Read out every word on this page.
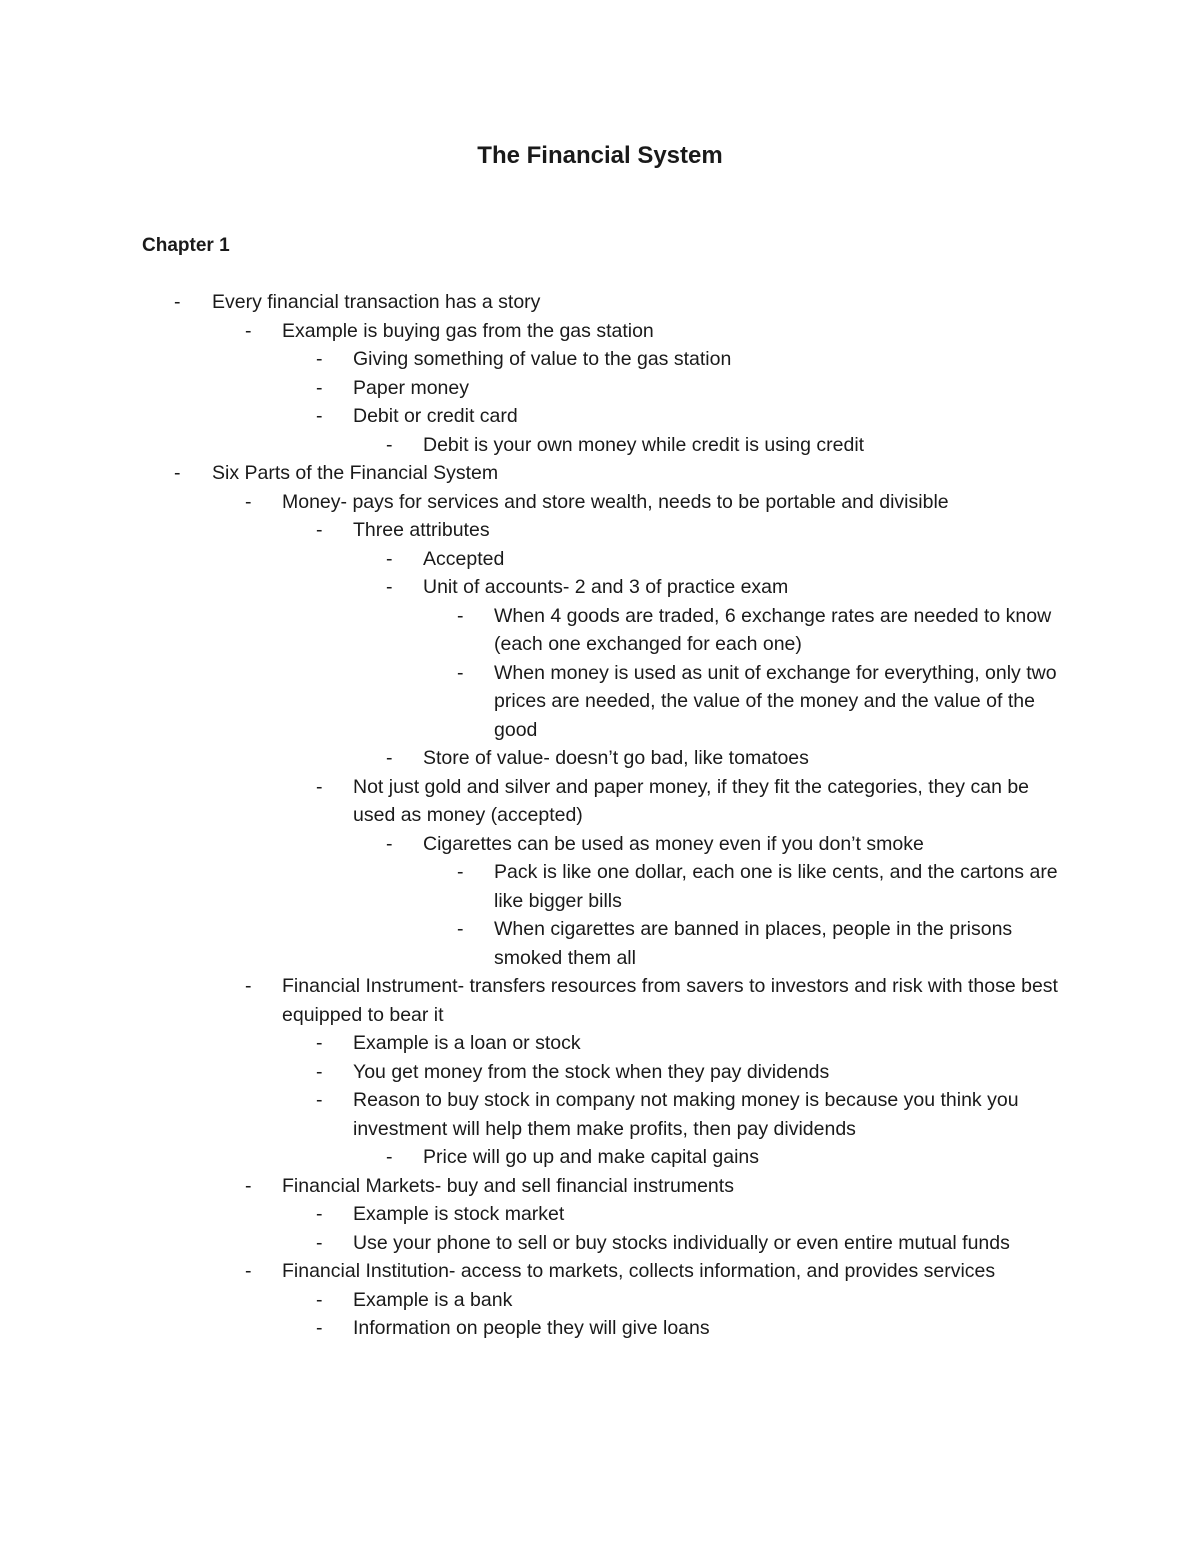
The Financial System
Chapter 1
- Every financial transaction has a story
- Example is buying gas from the gas station
- Giving something of value to the gas station
- Paper money
- Debit or credit card
- Debit is your own money while credit is using credit
- Six Parts of the Financial System
- Money- pays for services and store wealth, needs to be portable and divisible
- Three attributes
- Accepted
- Unit of accounts- 2 and 3 of practice exam
- When 4 goods are traded, 6 exchange rates are needed to know (each one exchanged for each one)
- When money is used as unit of exchange for everything, only two prices are needed, the value of the money and the value of the good
- Store of value- doesn’t go bad, like tomatoes
- Not just gold and silver and paper money, if they fit the categories, they can be used as money (accepted)
- Cigarettes can be used as money even if you don’t smoke
- Pack is like one dollar, each one is like cents, and the cartons are like bigger bills
- When cigarettes are banned in places, people in the prisons smoked them all
- Financial Instrument- transfers resources from savers to investors and risk with those best equipped to bear it
- Example is a loan or stock
- You get money from the stock when they pay dividends
- Reason to buy stock in company not making money is because you think you investment will help them make profits, then pay dividends
- Price will go up and make capital gains
- Financial Markets- buy and sell financial instruments
- Example is stock market
- Use your phone to sell or buy stocks individually or even entire mutual funds
- Financial Institution- access to markets, collects information, and provides services
- Example is a bank
- Information on people they will give loans
